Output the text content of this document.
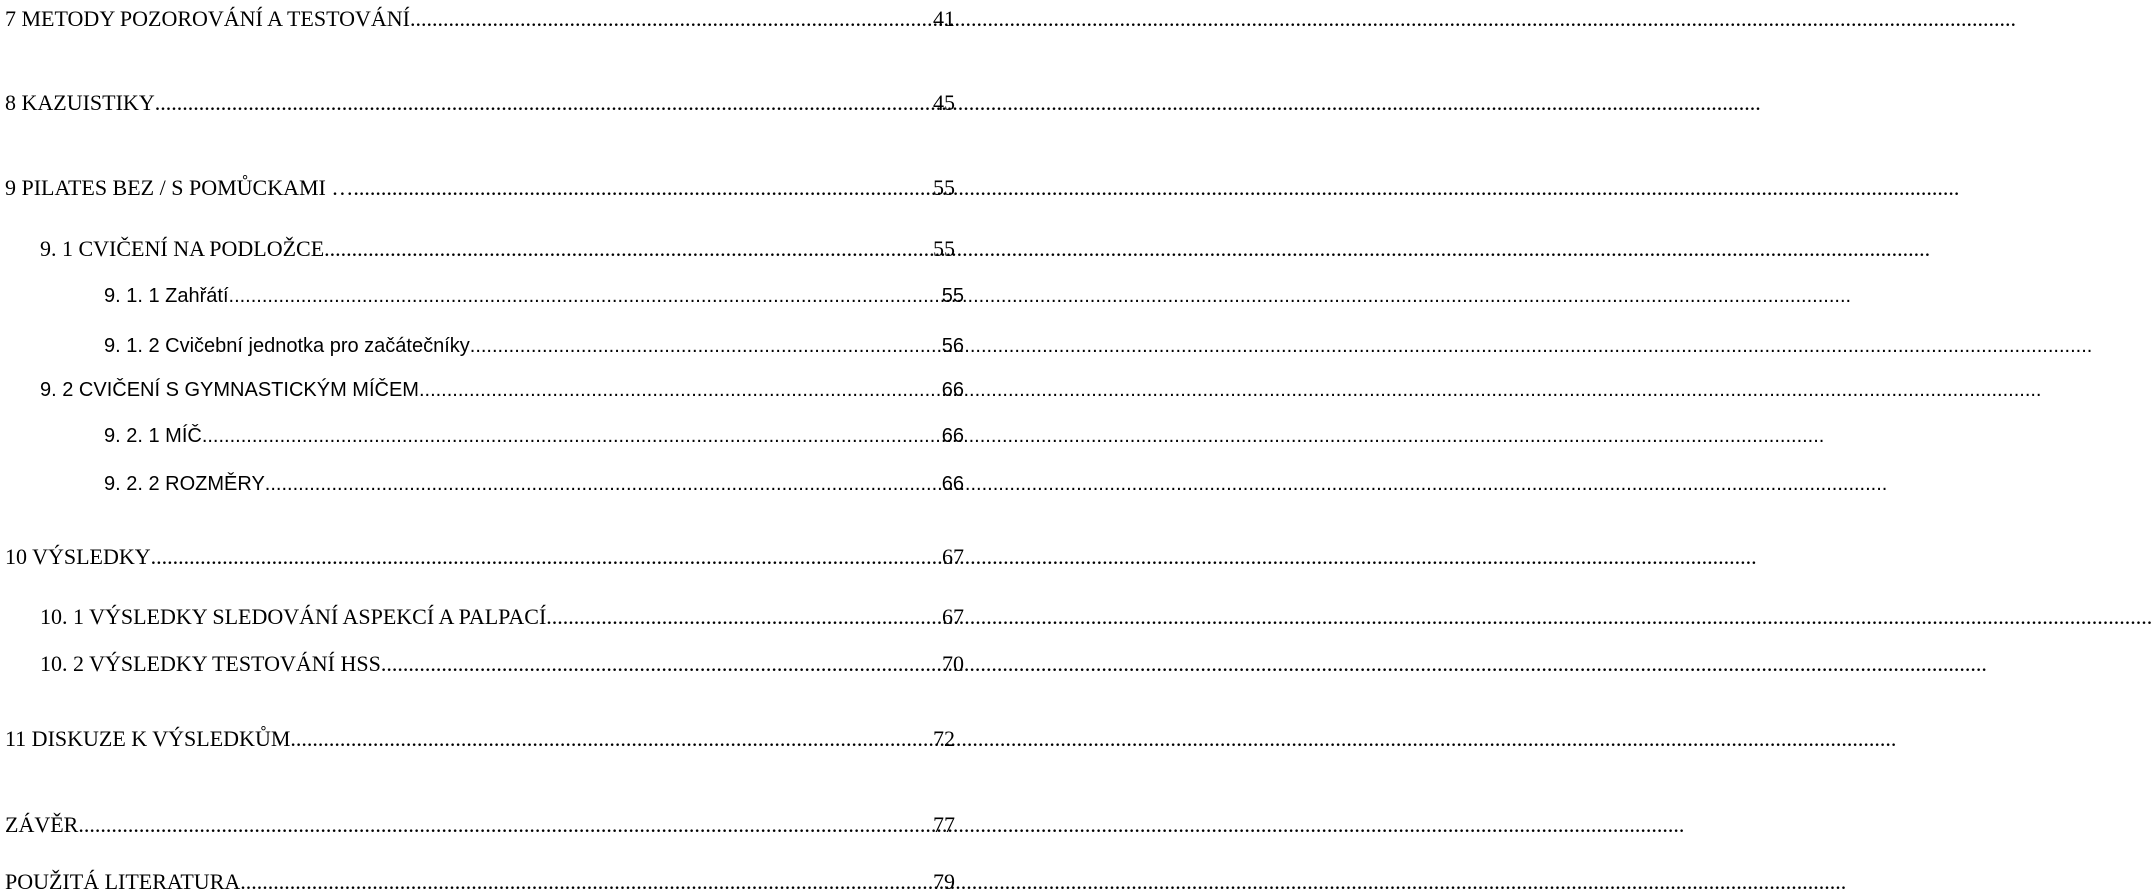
7 METODY POZOROVÁNÍ A TESTOVÁNÍ .....	41
8 KAZUISTIKY .....	45
9 PILATES BEZ / S POMŮCKAMI … .....	55
9. 1 CVIČENÍ NA PODLOŽCE .....	55
9. 1. 1 Zahřátí .....	55
9. 1. 2 Cvičební jednotka pro začátečníky .....	56
9. 2 CVIČENÍ S GYMNASTICKÝM MÍČEM .....	66
9. 2. 1 MÍČ .....	66
9. 2. 2 ROZMĚRY .....	66
10 VÝSLEDKY .....	67
10. 1 VÝSLEDKY SLEDOVÁNÍ ASPEKCÍ A PALPACÍ .....	67
10. 2 VÝSLEDKY TESTOVÁNÍ HSS .....	70
11 DISKUZE K VÝSLEDKŮM .....	72
ZÁVĚR .....	77
POUŽITÁ LITERATURA .....	79
